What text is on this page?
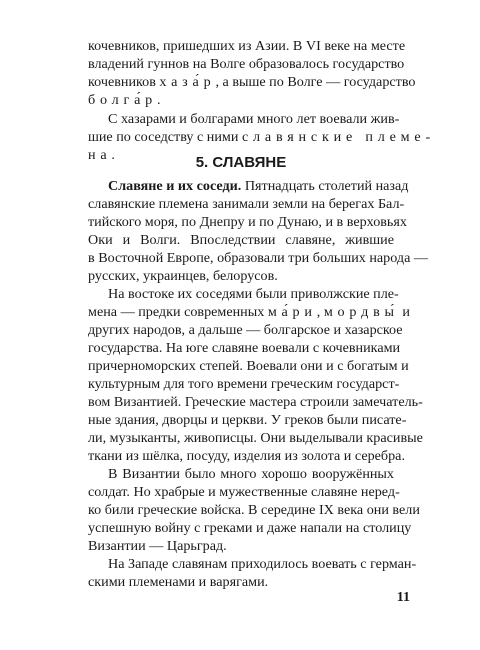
кочевников, пришедших из Азии. В VI веке на месте

владений гуннов на Волге образовалось государство

кочевников хаза́р, а выше по Волге — государство

болга́р.

С хазарами и болгарами много лет воевали жив-

шие по соседству с ними славянские племе-

на.	5. СЛАВЯНЕ

Славяне и их соседи. Пятнадцать столетий назад

славянские племена занимали земли на берегах Бал-

тийского моря, по Днепру и по Дунаю, и в верховьях

Оки и Волги. Впоследствии славяне, жившие

в Восточной Европе, образовали три больших народа —

русских, украинцев, белорусов.

На востоке их соседями были приволжские пле-

мена — предки современных ма́ри, мордвы́ и

других народов, а дальше — болгарское и хазарское

государства. На юге славяне воевали с кочевниками

причерноморских степей. Воевали они и с богатым и

культурным для того времени греческим государст-

вом Византией. Греческие мастера строили замечатель-

ные здания, дворцы и церкви. У греков были писате-

ли, музыканты, живописцы. Они выделывали красивые

ткани из шёлка, посуду, изделия из золота и серебра.

В Византии было много хорошо вооружённых

солдат. Но храбрые и мужественные славяне неред-

ко били греческие войска. В середине IX века они вели

успешную войну с греками и даже напали на столицу

Византии — Царьград.

На Западе славянам приходилось воевать с герман-

скими племенами и варягами.

11
